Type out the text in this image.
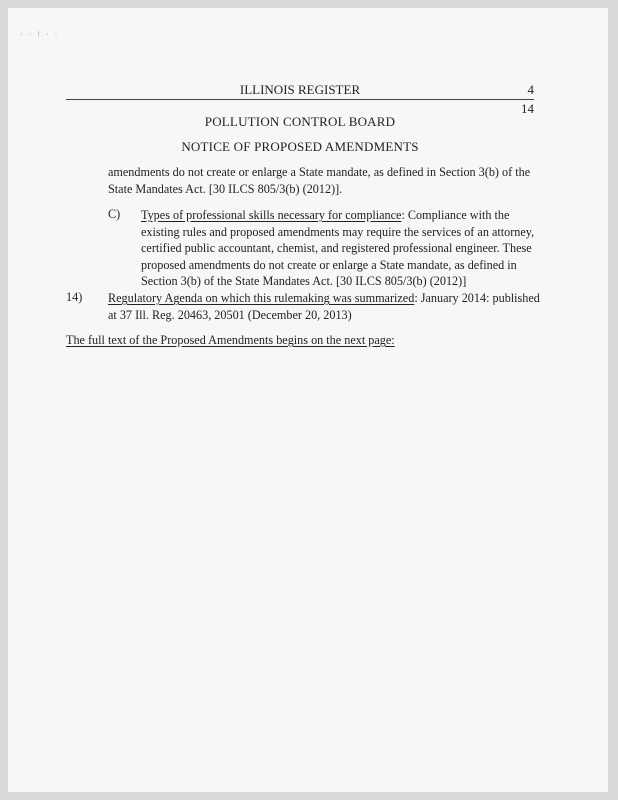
· · ! · ·
ILLINOIS REGISTER	4
14
POLLUTION CONTROL BOARD
NOTICE OF PROPOSED AMENDMENTS
amendments do not create or enlarge a State mandate, as defined in Section 3(b) of the State Mandates Act. [30 ILCS 805/3(b) (2012)].
C) Types of professional skills necessary for compliance: Compliance with the existing rules and proposed amendments may require the services of an attorney, certified public accountant, chemist, and registered professional engineer. These proposed amendments do not create or enlarge a State mandate, as defined in Section 3(b) of the State Mandates Act. [30 ILCS 805/3(b) (2012)]
14) Regulatory Agenda on which this rulemaking was summarized: January 2014: published at 37 Ill. Reg. 20463, 20501 (December 20, 2013)
The full text of the Proposed Amendments begins on the next page:
